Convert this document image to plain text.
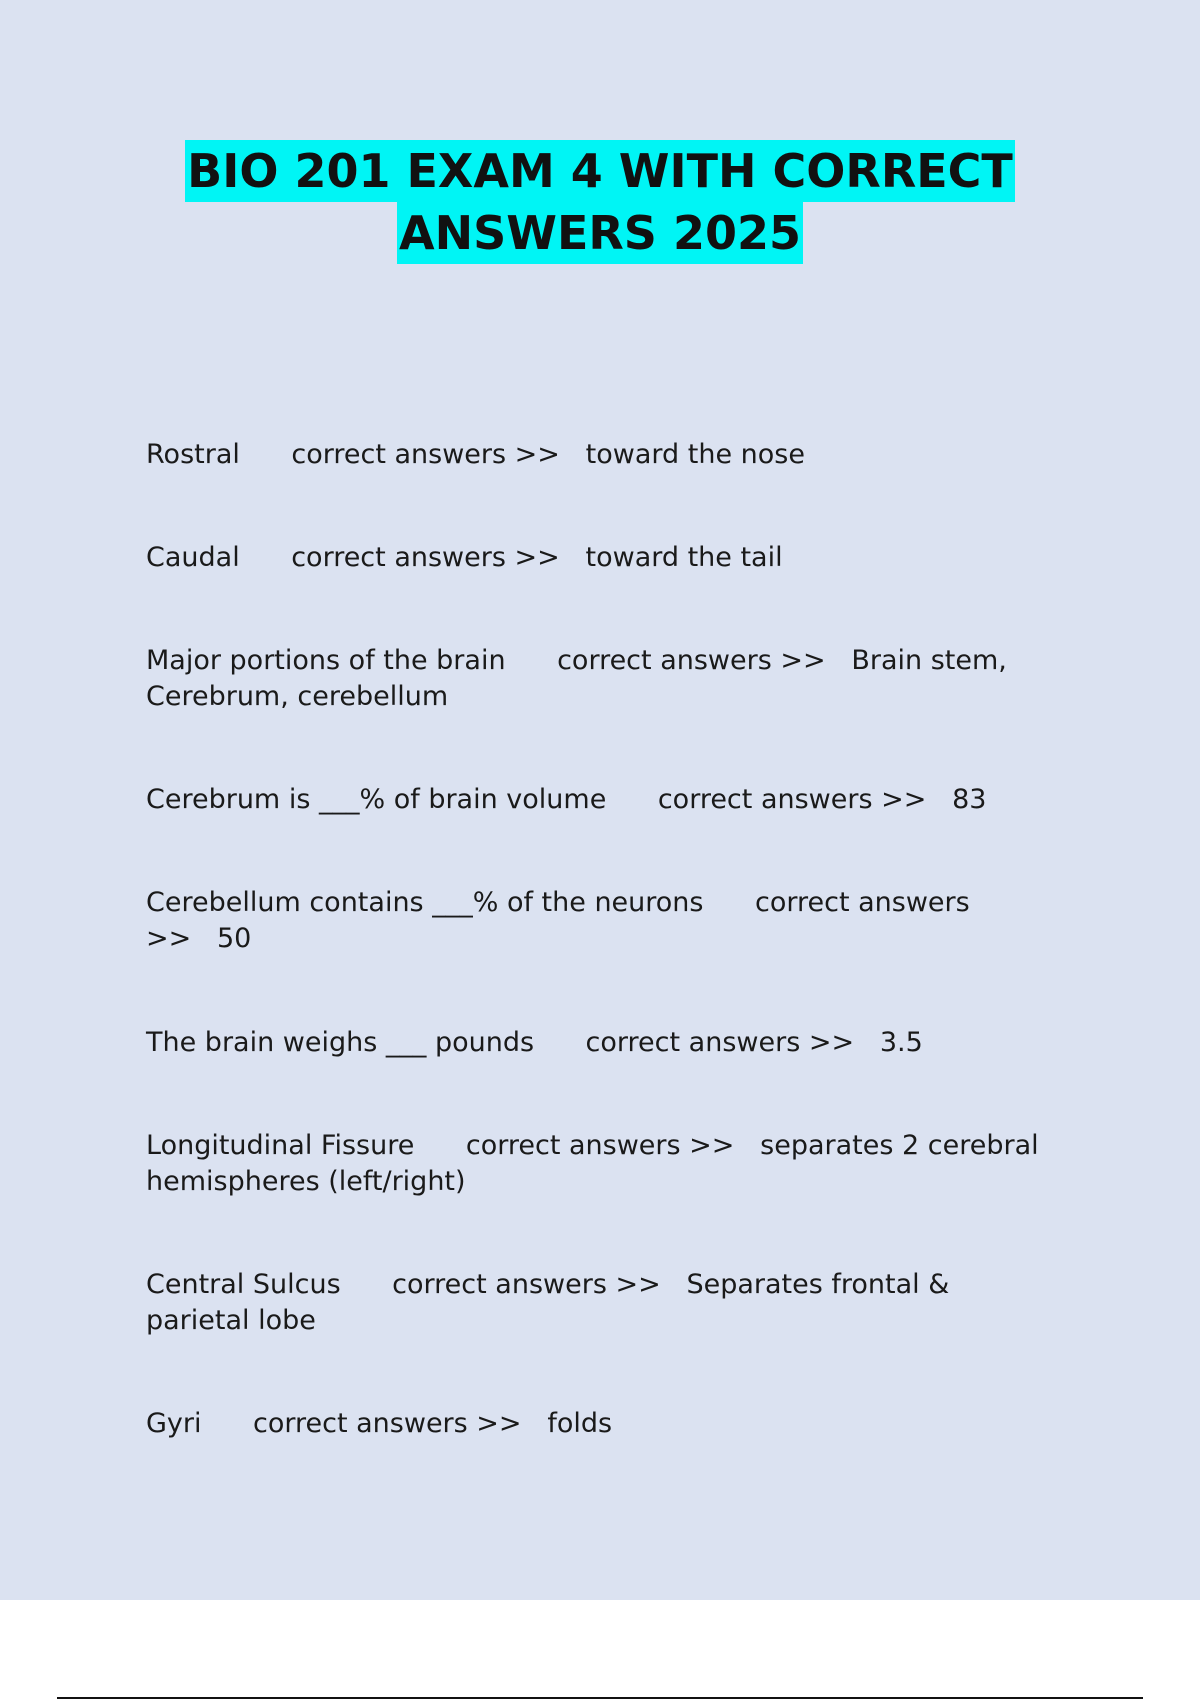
BIO 201 EXAM 4 WITH CORRECT
ANSWERS 2025
Rostral correct answers >> toward the nose
Caudal correct answers >> toward the tail
Major portions of the brain correct answers >> Brain stem, Cerebrum, cerebellum
Cerebrum is ___% of brain volume correct answers >> 83
Cerebellum contains ___% of the neurons correct answers >> 50
The brain weighs ___ pounds correct answers >> 3.5
Longitudinal Fissure correct answers >> separates 2 cerebral hemispheres (left/right)
Central Sulcus correct answers >> Separates frontal & parietal lobe
Gyri correct answers >> folds
